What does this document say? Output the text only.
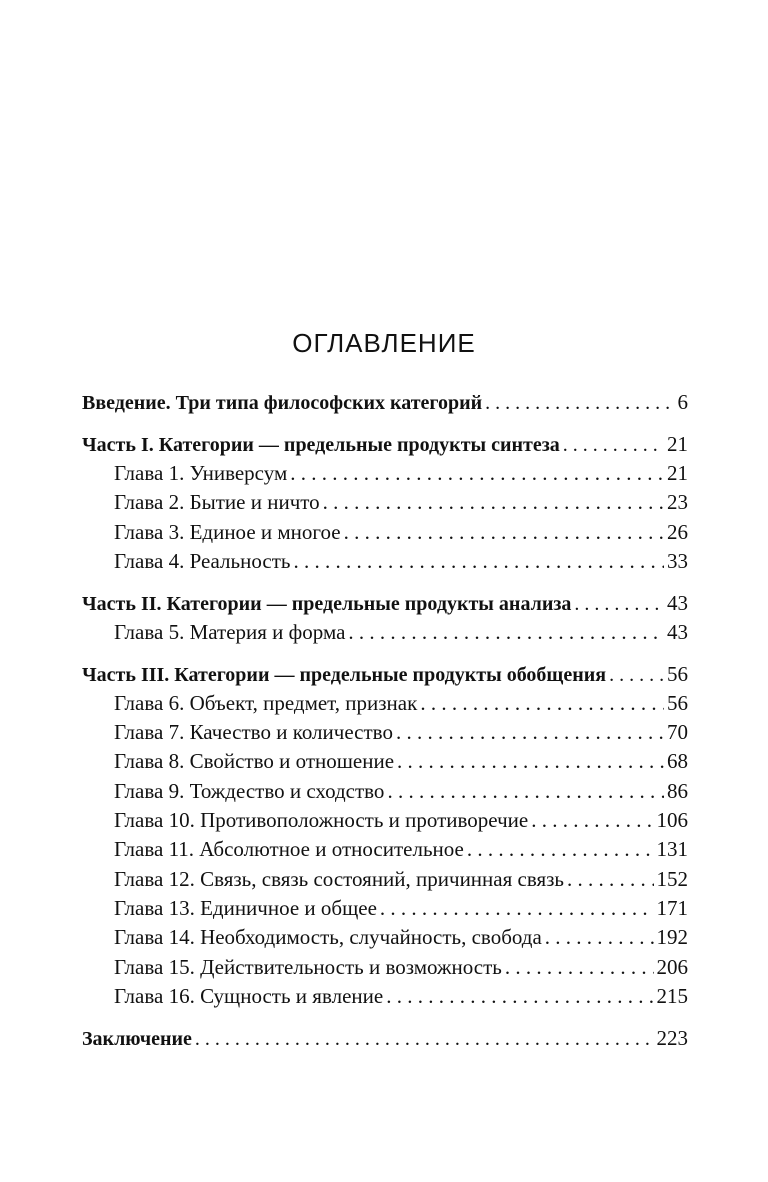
ОГЛАВЛЕНИЕ
Введение. Три типа философских категорий . . .	6
Часть I. Категории — предельные продукты синтеза . . .	21
Глава 1. Универсум . . .	21
Глава 2. Бытие и ничто . . .	23
Глава 3. Единое и многое . . .	26
Глава 4. Реальность . . .	33
Часть II. Категории — предельные продукты анализа . . .	43
Глава 5. Материя и форма . . .	43
Часть III. Категории — предельные продукты обобщения . . .	56
Глава 6. Объект, предмет, признак . . .	56
Глава 7. Качество и количество . . .	70
Глава 8. Свойство и отношение . . .	68
Глава 9. Тождество и сходство . . .	86
Глава 10. Противоположность и противоречие . . .	106
Глава 11. Абсолютное и относительное . . .	131
Глава 12. Связь, связь состояний, причинная связь . . .	152
Глава 13. Единичное и общее . . .	171
Глава 14. Необходимость, случайность, свобода . . .	192
Глава 15. Действительность и возможность . . .	206
Глава 16. Сущность и явление . . .	215
Заключение . . .	223
